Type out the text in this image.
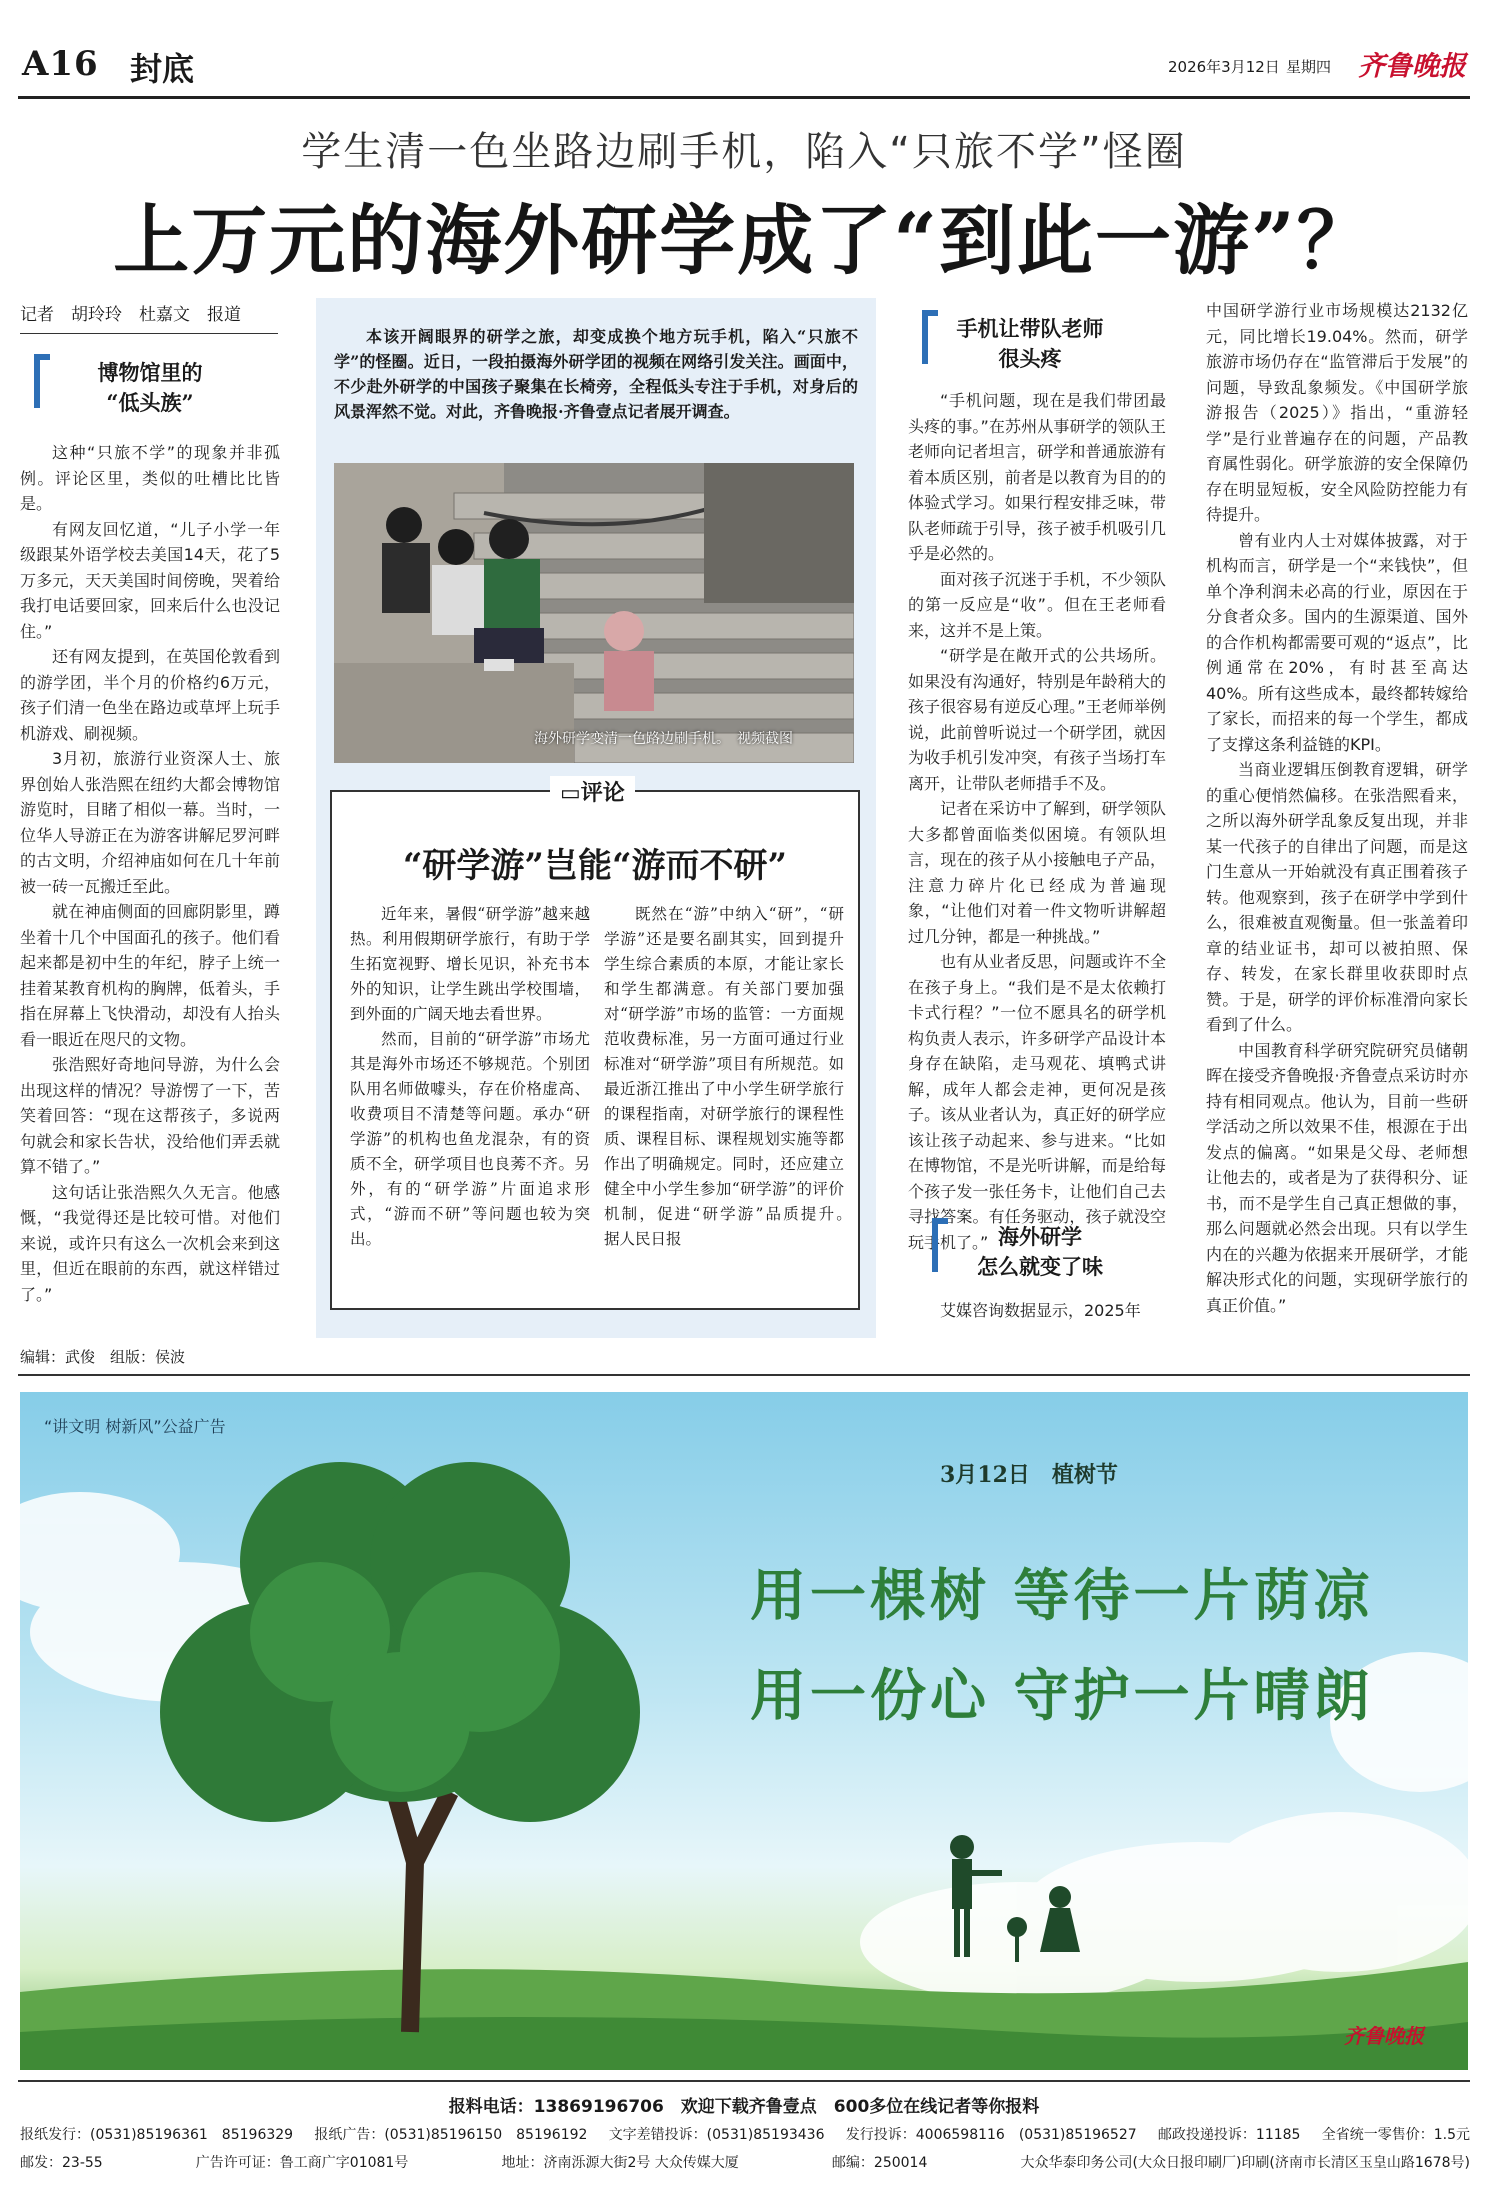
A16 封底	2026年3月12日 星期四 齐鲁晚报
学生清一色坐路边刷手机，陷入“只旅不学”怪圈
上万元的海外研学成了“到此一游”？
记者　胡玲玲　杜嘉文　报道
博物馆里的
“低头族”

这种“只旅不学”的现象并非孤例。评论区里，类似的吐槽比比皆是。

有网友回忆道，“儿子小学一年级跟某外语学校去美国14天，花了5万多元，天天美国时间傍晚，哭着给我打电话要回家，回来后什么也没记住。”

还有网友提到，在英国伦敦看到的游学团，半个月的价格约6万元，孩子们清一色坐在路边或草坪上玩手机游戏、刷视频。

3月初，旅游行业资深人士、旅界创始人张浩熙在纽约大都会博物馆游览时，目睹了相似一幕。当时，一位华人导游正在为游客讲解尼罗河畔的古文明，介绍神庙如何在几十年前被一砖一瓦搬迁至此。

就在神庙侧面的回廊阴影里，蹲坐着十几个中国面孔的孩子。他们看起来都是初中生的年纪，脖子上统一挂着某教育机构的胸牌，低着头，手指在屏幕上飞快滑动，却没有人抬头看一眼近在咫尺的文物。

张浩熙好奇地问导游，为什么会出现这样的情况？导游愣了一下，苦笑着回答：“现在这帮孩子，多说两句就会和家长告状，没给他们弄丢就算不错了。”

这句话让张浩熙久久无言。他感慨，“我觉得还是比较可惜。对他们来说，或许只有这么一次机会来到这里，但近在眼前的东西，就这样错过了。”

本该开阔眼界的研学之旅，却变成换个地方玩手机，陷入“只旅不学”的怪圈。近日，一段拍摄海外研学团的视频在网络引发关注。画面中，不少赴外研学的中国孩子聚集在长椅旁，全程低头专注于手机，对身后的风景浑然不觉。对此，齐鲁晚报·齐鲁壹点记者展开调查。
海外研学变清一色路边刷手机。　视频截图
▭评论
“研学游”岂能“游而不研”

近年来，暑假“研学游”越来越热。利用假期研学旅行，有助于学生拓宽视野、增长见识，补充书本外的知识，让学生跳出学校围墙，到外面的广阔天地去看世界。

然而，目前的“研学游”市场尤其是海外市场还不够规范。个别团队用名师做噱头，存在价格虚高、收费项目不清楚等问题。承办“研学游”的机构也鱼龙混杂，有的资质不全，研学项目也良莠不齐。另外，有的“研学游”片面追求形式，“游而不研”等问题也较为突出。

既然在“游”中纳入“研”，“研学游”还是要名副其实，回到提升学生综合素质的本原，才能让家长和学生都满意。有关部门要加强对“研学游”市场的监管：一方面规范收费标准，另一方面可通过行业标准对“研学游”项目有所规范。如最近浙江推出了中小学生研学旅行的课程指南，对研学旅行的课程性质、课程目标、课程规划实施等都作出了明确规定。同时，还应建立健全中小学生参加“研学游”的评价机制，促进“研学游”品质提升。　据人民日报

手机让带队老师
很头疼

“手机问题，现在是我们带团最头疼的事。”在苏州从事研学的领队王老师向记者坦言，研学和普通旅游有着本质区别，前者是以教育为目的的体验式学习。如果行程安排乏味，带队老师疏于引导，孩子被手机吸引几乎是必然的。

面对孩子沉迷于手机，不少领队的第一反应是“收”。但在王老师看来，这并不是上策。

“研学是在敞开式的公共场所。如果没有沟通好，特别是年龄稍大的孩子很容易有逆反心理。”王老师举例说，此前曾听说过一个研学团，就因为收手机引发冲突，有孩子当场打车离开，让带队老师措手不及。

记者在采访中了解到，研学领队大多都曾面临类似困境。有领队坦言，现在的孩子从小接触电子产品，注意力碎片化已经成为普遍现象，“让他们对着一件文物听讲解超过几分钟，都是一种挑战。”

也有从业者反思，问题或许不全在孩子身上。“我们是不是太依赖打卡式行程？”一位不愿具名的研学机构负责人表示，许多研学产品设计本身存在缺陷，走马观花、填鸭式讲解，成年人都会走神，更何况是孩子。该从业者认为，真正好的研学应该让孩子动起来、参与进来。“比如在博物馆，不是光听讲解，而是给每个孩子发一张任务卡，让他们自己去寻找答案。有任务驱动，孩子就没空玩手机了。” 海外研学
怎么就变了味

艾媒咨询数据显示，2025年

中国研学游行业市场规模达2132亿元，同比增长19.04%。然而，研学旅游市场仍存在“监管滞后于发展”的问题，导致乱象频发。《中国研学旅游报告（2025）》指出，“重游轻学”是行业普遍存在的问题，产品教育属性弱化。研学旅游的安全保障仍存在明显短板，安全风险防控能力有待提升。

曾有业内人士对媒体披露，对于机构而言，研学是一个“来钱快”，但单个净利润未必高的行业，原因在于分食者众多。国内的生源渠道、国外的合作机构都需要可观的“返点”，比例通常在20%，有时甚至高达40%。所有这些成本，最终都转嫁给了家长，而招来的每一个学生，都成了支撑这条利益链的KPI。

当商业逻辑压倒教育逻辑，研学的重心便悄然偏移。在张浩熙看来，之所以海外研学乱象反复出现，并非某一代孩子的自律出了问题，而是这门生意从一开始就没有真正围着孩子转。他观察到，孩子在研学中学到什么，很难被直观衡量。但一张盖着印章的结业证书，却可以被拍照、保存、转发，在家长群里收获即时点赞。于是，研学的评价标准滑向家长看到了什么。

中国教育科学研究院研究员储朝晖在接受齐鲁晚报·齐鲁壹点采访时亦持有相同观点。他认为，目前一些研学活动之所以效果不佳，根源在于出发点的偏离。“如果是父母、老师想让他去的，或者是为了获得积分、证书，而不是学生自己真正想做的事，那么问题就必然会出现。只有以学生内在的兴趣为依据来开展研学，才能解决形式化的问题，实现研学旅行的真正价值。”

编辑：武俊　组版：侯波
“讲文明 树新风”公益广告
3月12日　植树节
用一棵树 等待一片荫凉
用一份心 守护一片晴朗
齐鲁晚报
报料电话：13869196706　欢迎下载齐鲁壹点　600多位在线记者等你报料
报纸发行：(0531)85196361　85196329 报纸广告：(0531)85196150　85196192 文字差错投诉：(0531)85193436 发行投诉：4006598116　(0531)85196527 邮政投递投诉：11185 全省统一零售价：1.5元
邮发：23-55	广告许可证：鲁工商广字01081号	地址：济南泺源大街2号 大众传媒大厦	邮编：250014	大众华泰印务公司(大众日报印刷厂)印刷(济南市长清区玉皇山路1678号)
